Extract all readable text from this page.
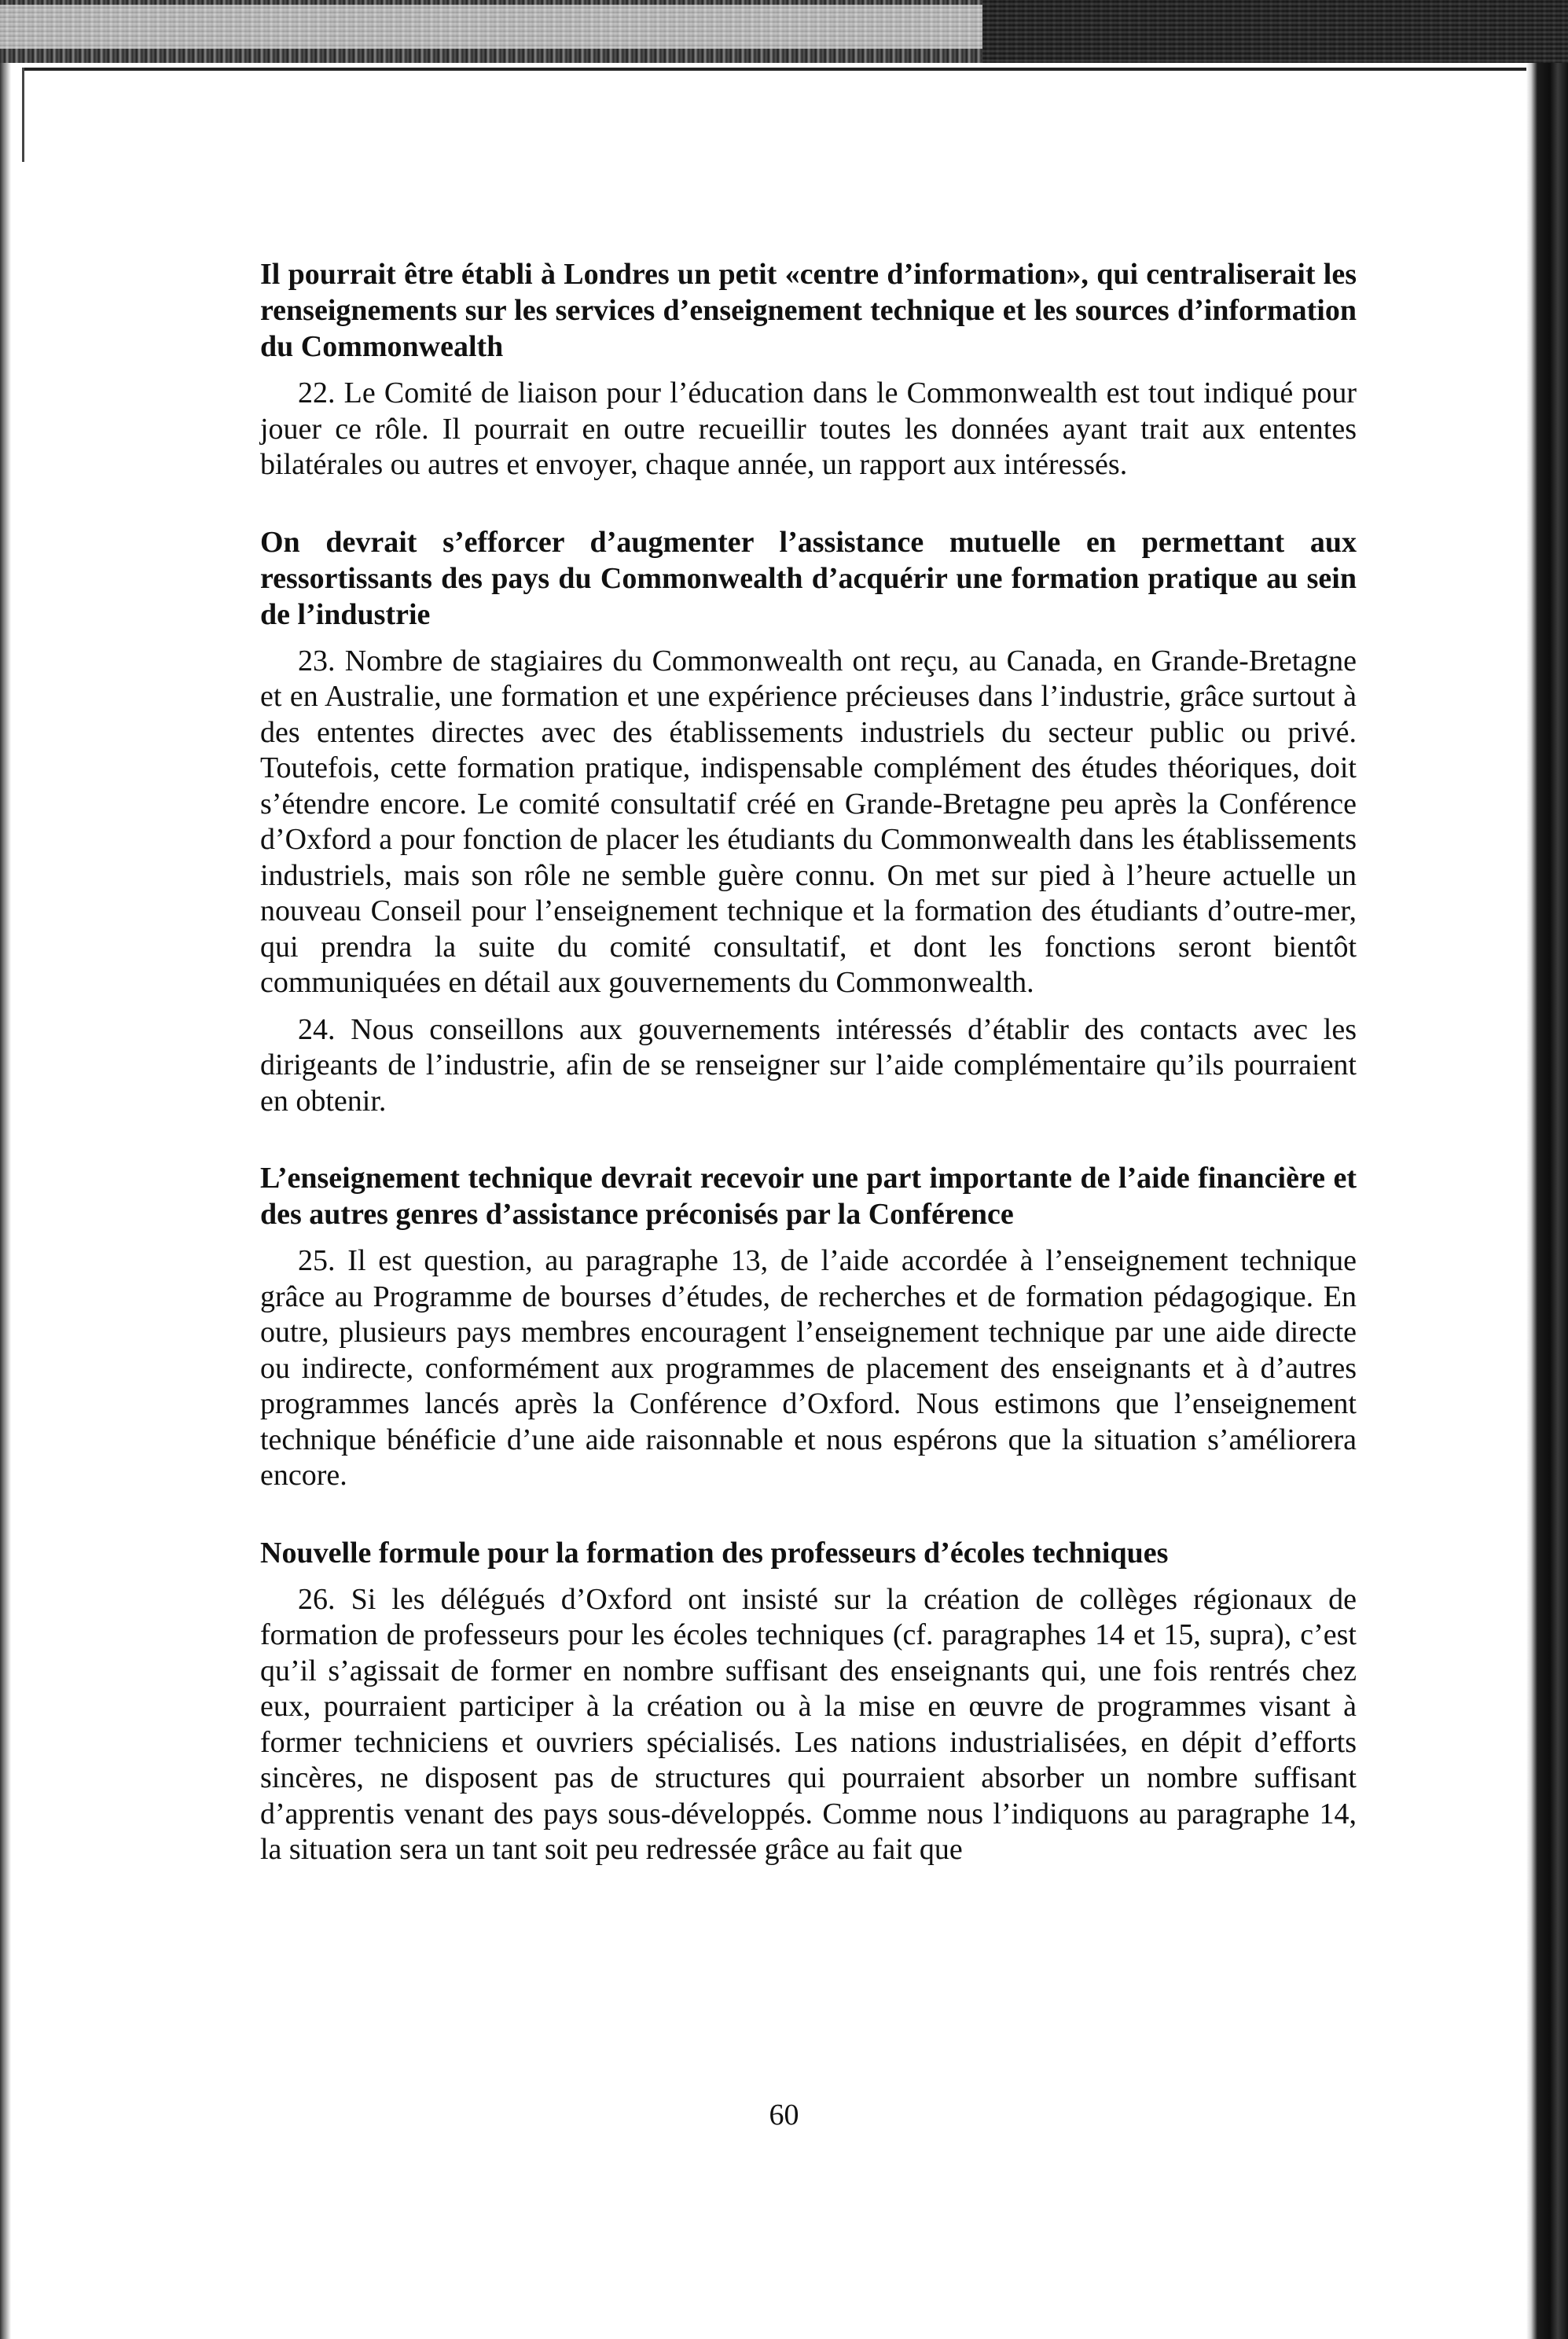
Il pourrait être établi à Londres un petit «centre d’information», qui centraliserait les renseignements sur les services d’enseignement technique et les sources d’information du Commonwealth

22. Le Comité de liaison pour l’éducation dans le Commonwealth est tout indiqué pour jouer ce rôle. Il pourrait en outre recueillir toutes les données ayant trait aux ententes bilatérales ou autres et envoyer, chaque année, un rapport aux intéressés.

On devrait s’efforcer d’augmenter l’assistance mutuelle en permettant aux ressortissants des pays du Commonwealth d’acquérir une formation pratique au sein de l’industrie

23. Nombre de stagiaires du Commonwealth ont reçu, au Canada, en Grande-Bretagne et en Australie, une formation et une expérience précieuses dans l’industrie, grâce surtout à des ententes directes avec des établissements industriels du secteur public ou privé. Toutefois, cette formation pratique, indispensable complément des études théoriques, doit s’étendre encore. Le comité consultatif créé en Grande-Bretagne peu après la Conférence d’Oxford a pour fonction de placer les étudiants du Commonwealth dans les établissements industriels, mais son rôle ne semble guère connu. On met sur pied à l’heure actuelle un nouveau Conseil pour l’enseignement technique et la formation des étudiants d’outre-mer, qui prendra la suite du comité consultatif, et dont les fonctions seront bientôt communiquées en détail aux gouvernements du Commonwealth.

24. Nous conseillons aux gouvernements intéressés d’établir des contacts avec les dirigeants de l’industrie, afin de se renseigner sur l’aide complémentaire qu’ils pourraient en obtenir.

L’enseignement technique devrait recevoir une part importante de l’aide financière et des autres genres d’assistance préconisés par la Conférence

25. Il est question, au paragraphe 13, de l’aide accordée à l’enseignement technique grâce au Programme de bourses d’études, de recherches et de formation pédagogique. En outre, plusieurs pays membres encouragent l’enseignement technique par une aide directe ou indirecte, conformément aux programmes de placement des enseignants et à d’autres programmes lancés après la Conférence d’Oxford. Nous estimons que l’enseignement technique bénéficie d’une aide raisonnable et nous espérons que la situation s’améliorera encore.

Nouvelle formule pour la formation des professeurs d’écoles techniques

26. Si les délégués d’Oxford ont insisté sur la création de collèges régionaux de formation de professeurs pour les écoles techniques (cf. paragraphes 14 et 15, supra), c’est qu’il s’agissait de former en nombre suffisant des enseignants qui, une fois rentrés chez eux, pourraient participer à la création ou à la mise en œuvre de programmes visant à former techniciens et ouvriers spécialisés. Les nations industrialisées, en dépit d’efforts sincères, ne disposent pas de structures qui pourraient absorber un nombre suffisant d’apprentis venant des pays sous-développés. Comme nous l’indiquons au paragraphe 14, la situation sera un tant soit peu redressée grâce au fait que

60
